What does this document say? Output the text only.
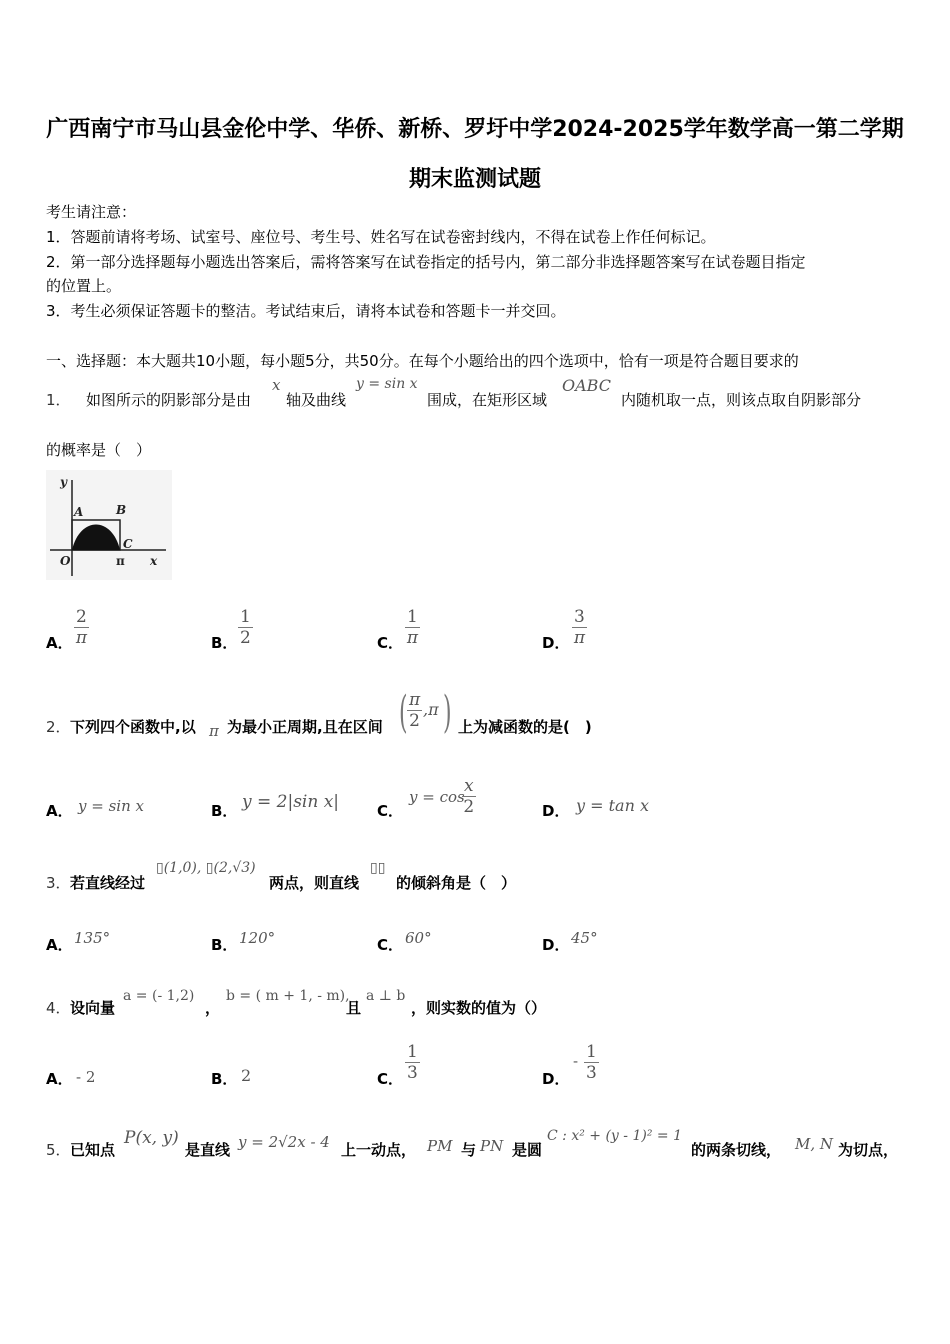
广西南宁市马山县金伦中学、华侨、新桥、罗圩中学2024-2025学年数学高一第二学期
期末监测试题
考生请注意：
1．答题前请将考场、试室号、座位号、考生号、姓名写在试卷密封线内，不得在试卷上作任何标记。
2．第一部分选择题每小题选出答案后，需将答案写在试卷指定的括号内，第二部分非选择题答案写在试卷题目指定
的位置上。
3．考生必须保证答题卡的整洁。考试结束后，请将本试卷和答题卡一并交回。
一、选择题：本大题共10小题，每小题5分，共50分。在每个小题给出的四个选项中，恰有一项是符合题目要求的
1． 如图所示的阴影部分是由
x
轴及曲线
y = sin x
围成，在矩形区域
OABC
内随机取一点，则该点取自阴影部分
的概率是（　）
y
A	B
C
O	π x
A． $\frac{2}{\pi}$	B． $\frac{1}{2}$	C． $\frac{1}{\pi}$	D． $\frac{3}{\pi}$
2． 下列四个函数中,以 π 为最小正周期,且在区间 ( $\frac{\pi}{2} ,\pi$ ) 上为减函数的是(　)
A． y = sin x	B． y = 2|sin x|	C．
y = cos
$\frac{x}{2}$	D． y = tan x
3． 若直线经过
▯(1,0), ▯(2,√3)
两点，则直线
▯▯
的倾斜角是（　）
A． 135°	B． 120°	C． 60°	D． 45°
4． 设向量
a = (- 1,2)
，
b = ( m + 1, - m),
且
a ⊥ b
，则实数的值为（）
A． - 2	B． 2	C． $\frac{1}{3}$	D．
- $\frac{1}{3}$
5． 已知点
P(x, y)
是直线 y = 2√2x - 4 上一动点， PM 与 PN 是圆
C : x² + (y - 1)² = 1
的两条切线， M, N 为切点，
